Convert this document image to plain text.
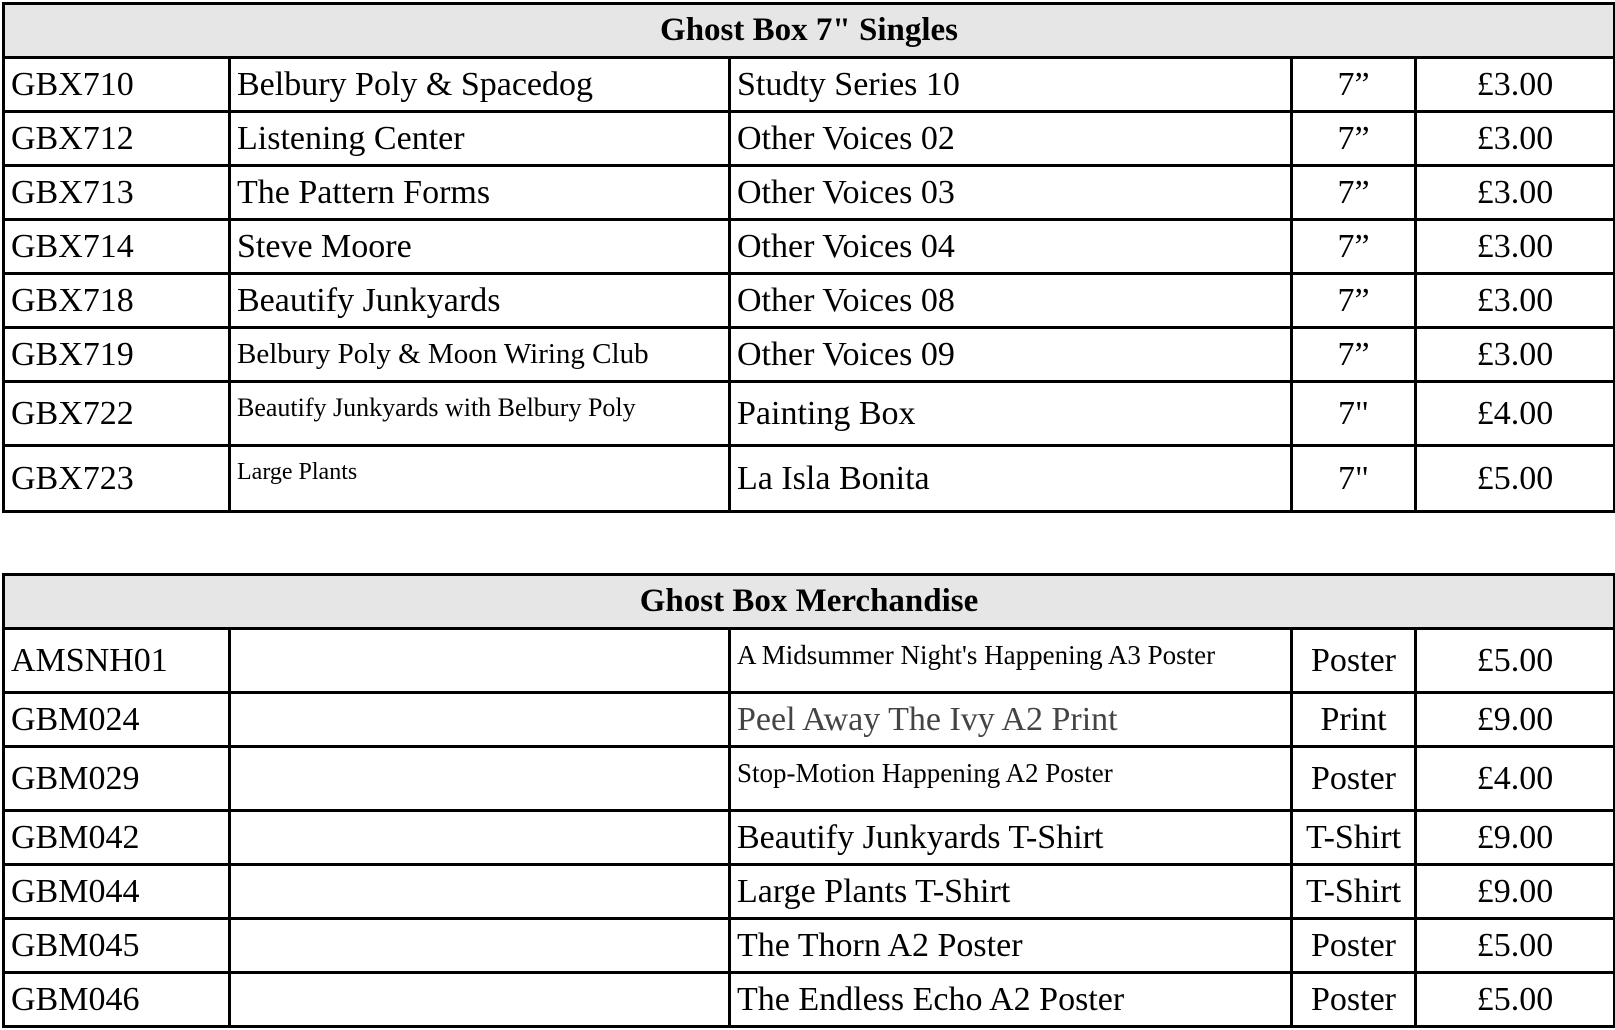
Ghost Box 7" Singles				
GBX710	Belbury Poly & Spacedog	Studty Series 10	7”	£3.00
GBX712	Listening Center	Other Voices 02	7”	£3.00
GBX713	The Pattern Forms	Other Voices 03	7”	£3.00
GBX714	Steve Moore	Other Voices 04	7”	£3.00
GBX718	Beautify Junkyards	Other Voices 08	7”	£3.00
GBX719	Belbury Poly & Moon Wiring Club	Other Voices 09	7”	£3.00
GBX722	Beautify Junkyards with Belbury Poly	Painting Box	7"	£4.00
GBX723	Large Plants	La Isla Bonita	7"	£5.00
Ghost Box Merchandise				
AMSNH01		A Midsummer Night's Happening A3 Poster	Poster	£5.00
GBM024		Peel Away The Ivy A2 Print	Print	£9.00
GBM029		Stop-Motion Happening A2 Poster	Poster	£4.00
GBM042		Beautify Junkyards T-Shirt	T-Shirt	£9.00
GBM044		Large Plants T-Shirt	T-Shirt	£9.00
GBM045		The Thorn A2 Poster	Poster	£5.00
GBM046		The Endless Echo A2 Poster	Poster	£5.00
